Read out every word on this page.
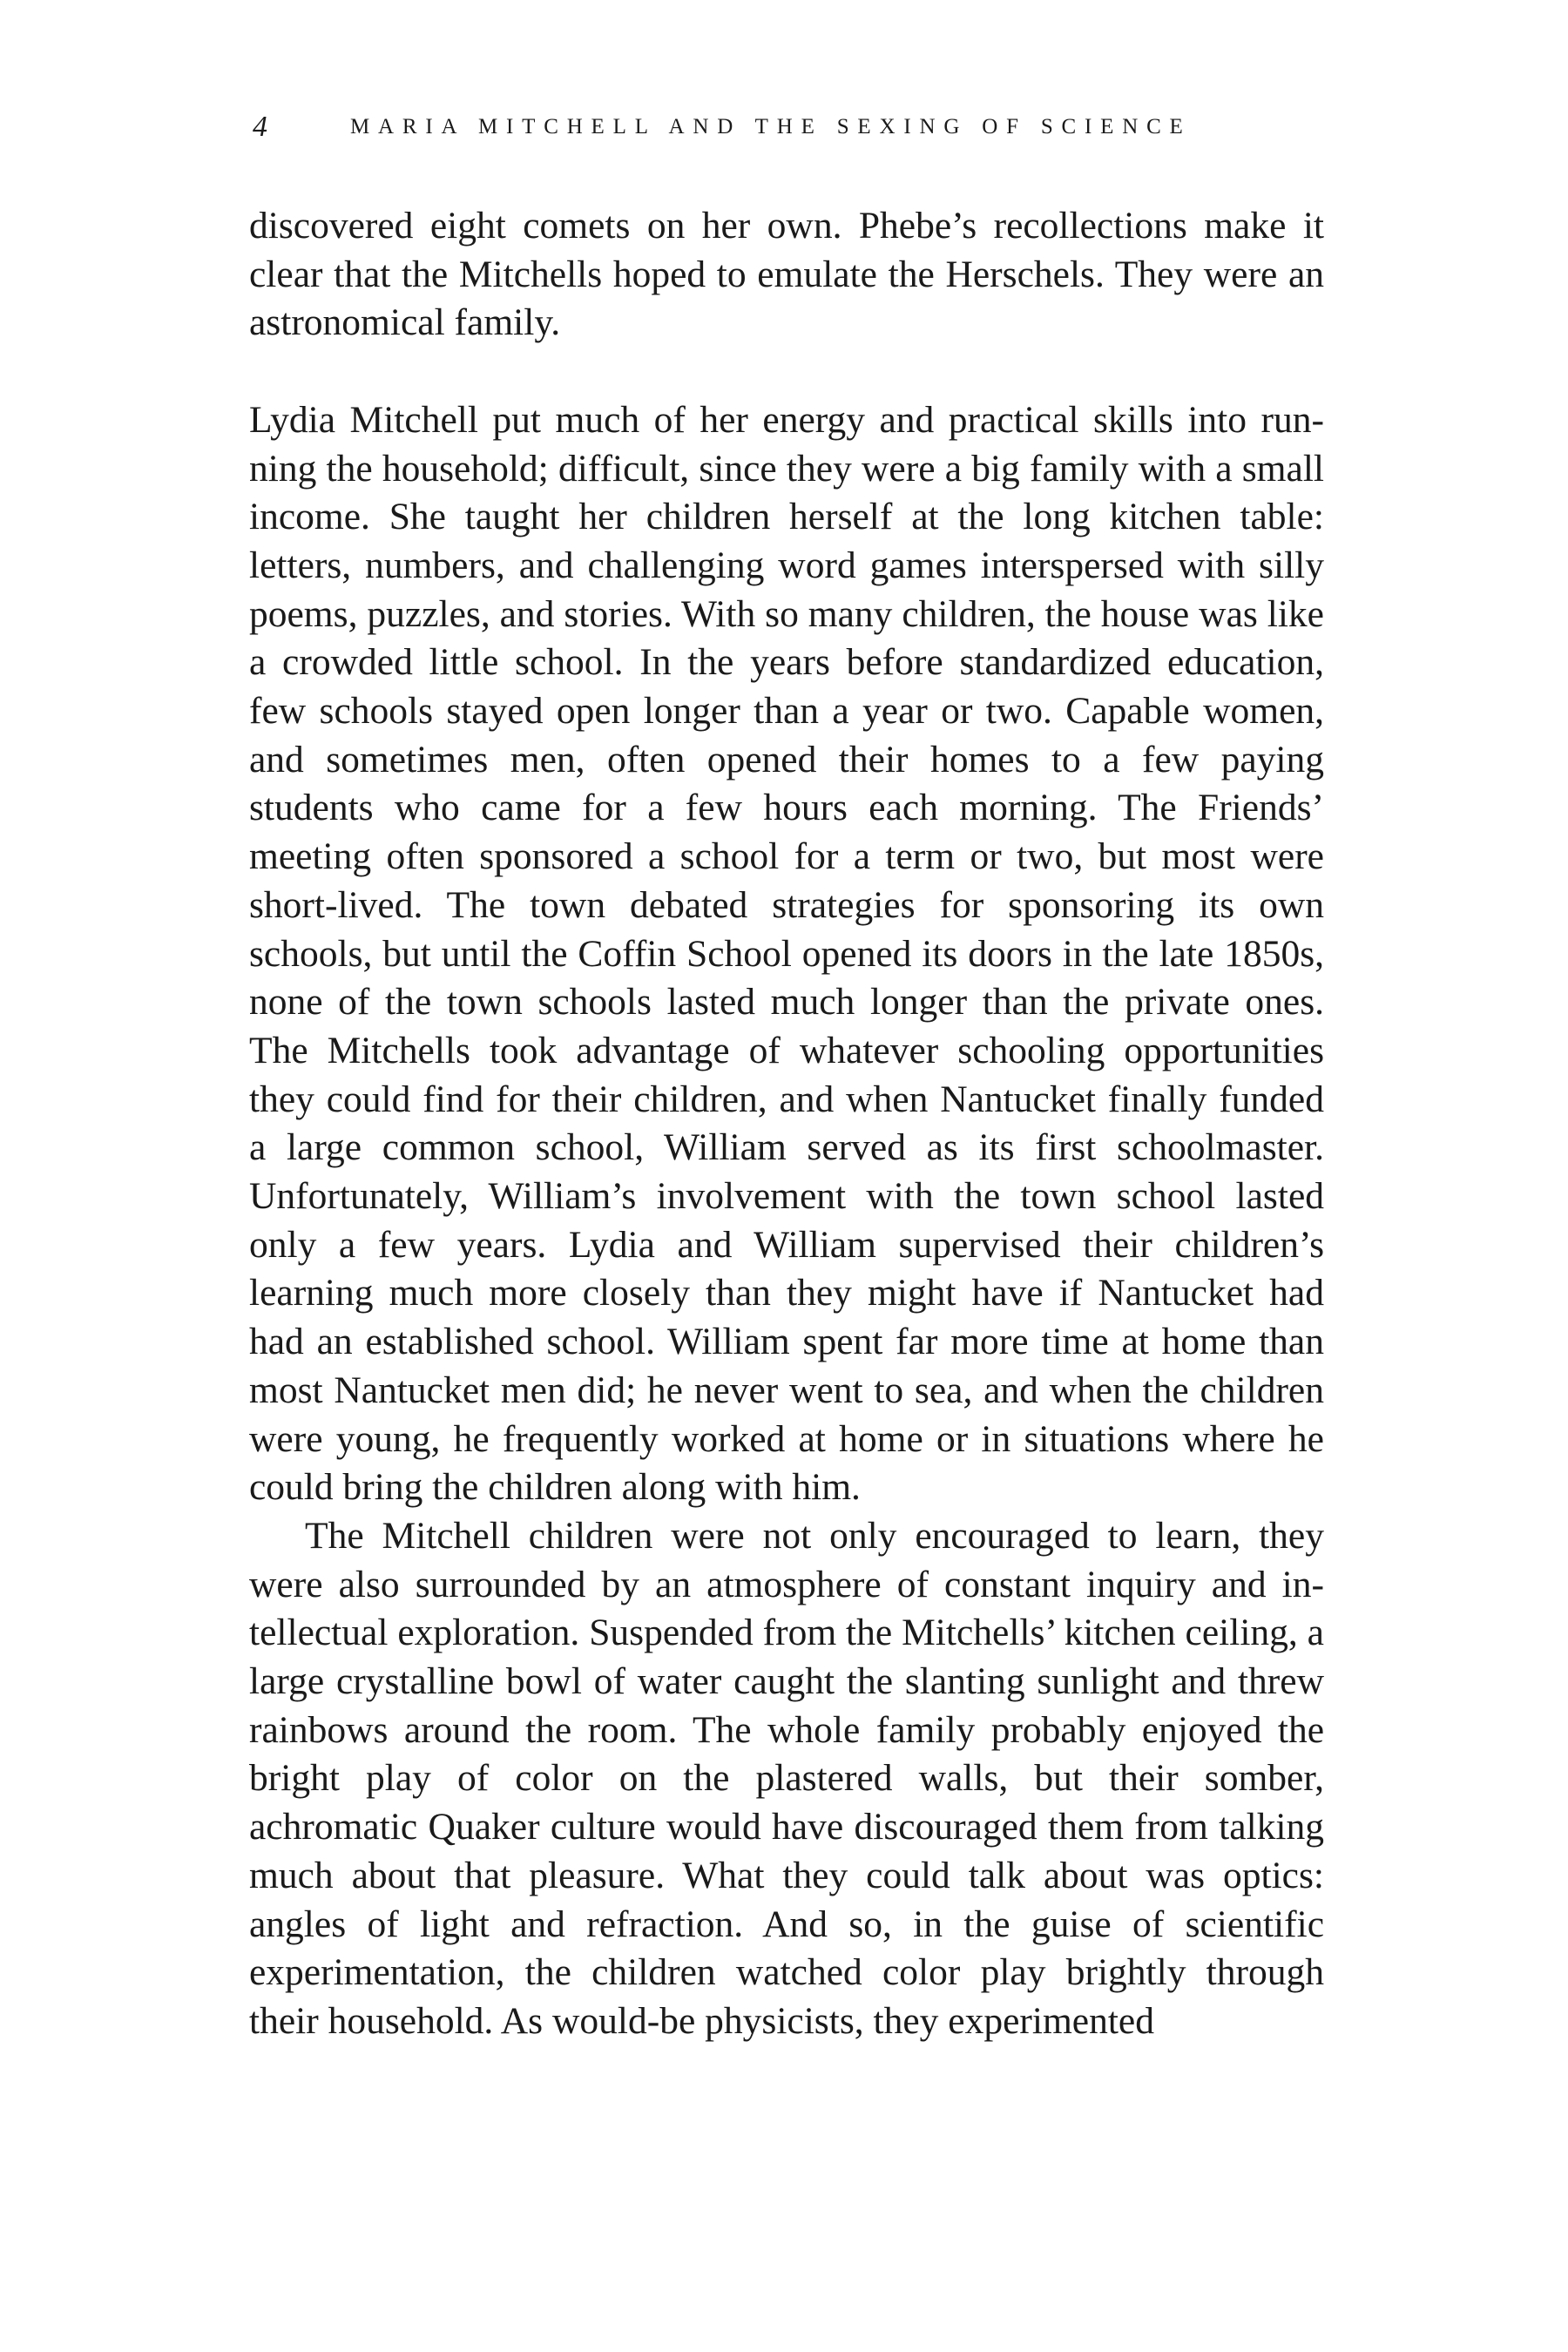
4	MARIA MITCHELL AND THE SEXING OF SCIENCE

discovered eight comets on her own. Phebe’s recollections make it clear that the Mitchells hoped to emulate the Herschels. They were an astronomical family.

Lydia Mitchell put much of her energy and practical skills into running the household; difficult, since they were a big family with a small income. She taught her children herself at the long kitchen table: letters, numbers, and challenging word games interspersed with silly poems, puzzles, and stories. With so many children, the house was like a crowded little school. In the years before standardized education, few schools stayed open longer than a year or two. Capable women, and sometimes men, often opened their homes to a few paying students who came for a few hours each morning. The Friends’ meeting often sponsored a school for a term or two, but most were short-lived. The town debated strategies for sponsoring its own schools, but until the Coffin School opened its doors in the late 1850s, none of the town schools lasted much longer than the private ones. The Mitchells took advantage of whatever schooling opportunities they could find for their children, and when Nantucket finally funded a large common school, William served as its first schoolmaster. Unfortunately, William’s involvement with the town school lasted only a few years. Lydia and William supervised their children’s learning much more closely than they might have if Nantucket had had an established school. William spent far more time at home than most Nantucket men did; he never went to sea, and when the children were young, he frequently worked at home or in situations where he could bring the children along with him.

The Mitchell children were not only encouraged to learn, they were also surrounded by an atmosphere of constant inquiry and intellectual exploration. Suspended from the Mitchells’ kitchen ceiling, a large crystalline bowl of water caught the slanting sunlight and threw rainbows around the room. The whole family probably enjoyed the bright play of color on the plastered walls, but their somber, achromatic Quaker culture would have discouraged them from talking much about that pleasure. What they could talk about was optics: angles of light and refraction. And so, in the guise of scientific experimentation, the children watched color play brightly through their household. As would-be physicists, they experimented
